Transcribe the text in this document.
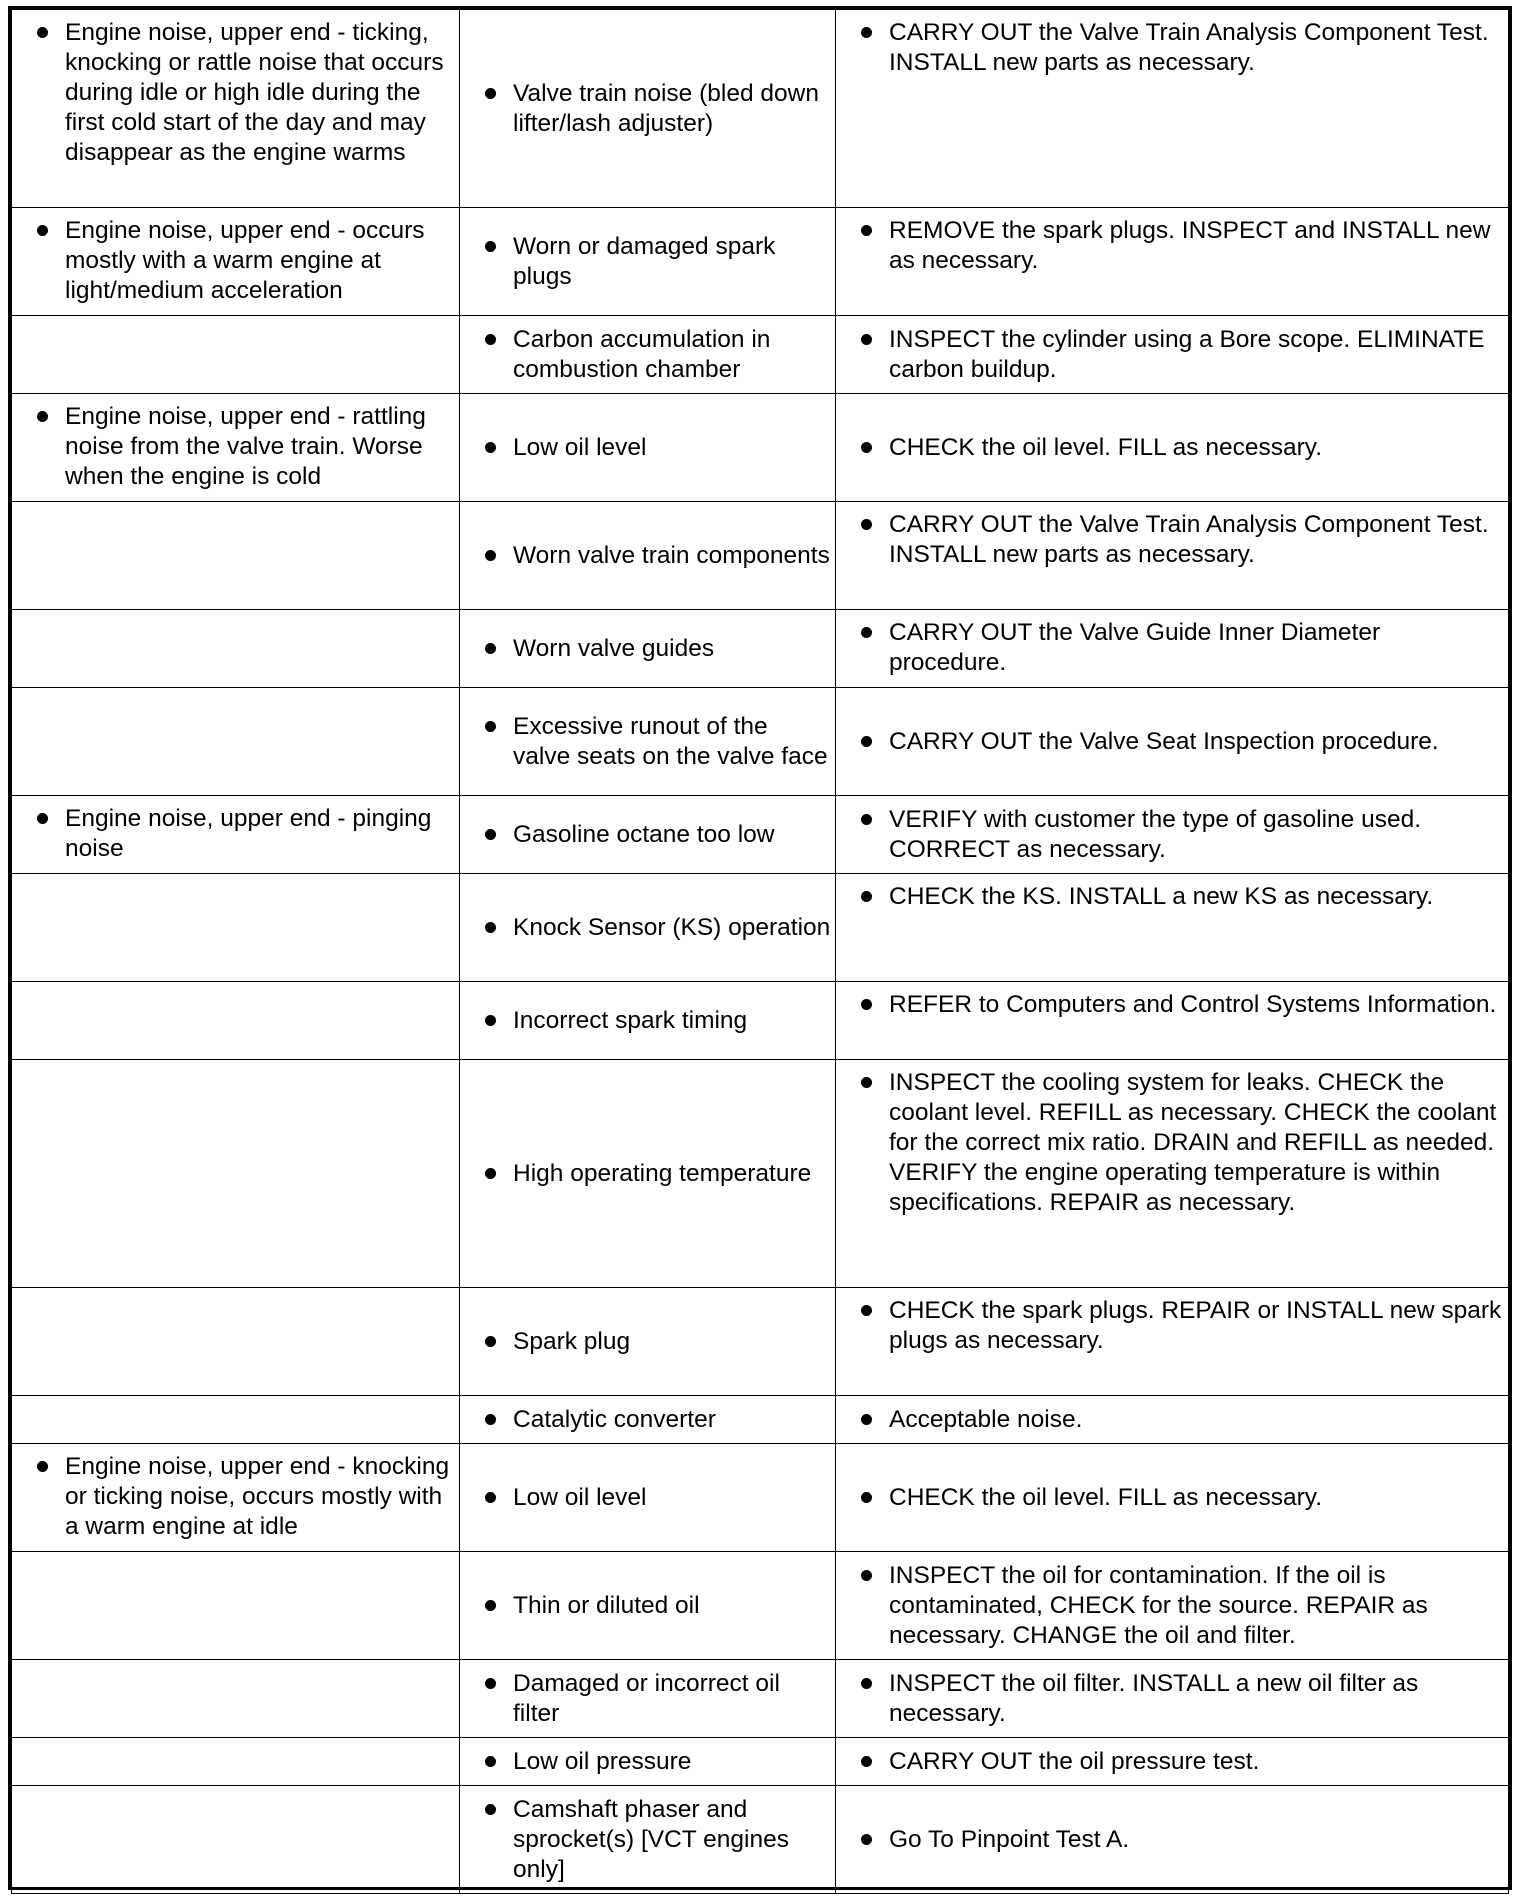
Engine noise, upper end - ticking, knocking or rattle noise that occurs during idle or high idle during the first cold start of the day and may disappear as the engine warms	Valve train noise (bled down lifter/lash adjuster)	CARRY OUT the Valve Train Analysis Component Test. INSTALL new parts as necessary.

Engine noise, upper end - occurs mostly with a warm engine at light/medium acceleration	Worn or damaged spark plugs	REMOVE the spark plugs. INSPECT and INSTALL new as necessary.

	Carbon accumulation in combustion chamber	INSPECT the cylinder using a Bore scope. ELIMINATE carbon buildup.

Engine noise, upper end - rattling noise from the valve train. Worse when the engine is cold	Low oil level	CHECK the oil level. FILL as necessary.

	Worn valve train components	CARRY OUT the Valve Train Analysis Component Test. INSTALL new parts as necessary.

	Worn valve guides	CARRY OUT the Valve Guide Inner Diameter procedure.

	Excessive runout of the valve seats on the valve face	CARRY OUT the Valve Seat Inspection procedure.

Engine noise, upper end - pinging noise	Gasoline octane too low	VERIFY with customer the type of gasoline used. CORRECT as necessary.

	Knock Sensor (KS) operation	CHECK the KS. INSTALL a new KS as necessary.

	Incorrect spark timing	REFER to Computers and Control Systems Information.

	High operating temperature	INSPECT the cooling system for leaks. CHECK the coolant level. REFILL as necessary. CHECK the coolant for the correct mix ratio. DRAIN and REFILL as needed. VERIFY the engine operating temperature is within specifications. REPAIR as necessary.

	Spark plug	CHECK the spark plugs. REPAIR or INSTALL new spark plugs as necessary.

	Catalytic converter	Acceptable noise.

Engine noise, upper end - knocking or ticking noise, occurs mostly with a warm engine at idle	Low oil level	CHECK the oil level. FILL as necessary.

	Thin or diluted oil	INSPECT the oil for contamination. If the oil is contaminated, CHECK for the source. REPAIR as necessary. CHANGE the oil and filter.

	Damaged or incorrect oil filter	INSPECT the oil filter. INSTALL a new oil filter as necessary.

	Low oil pressure	CARRY OUT the oil pressure test.

	Camshaft phaser and sprocket(s) [VCT engines only]	Go To Pinpoint Test A.
